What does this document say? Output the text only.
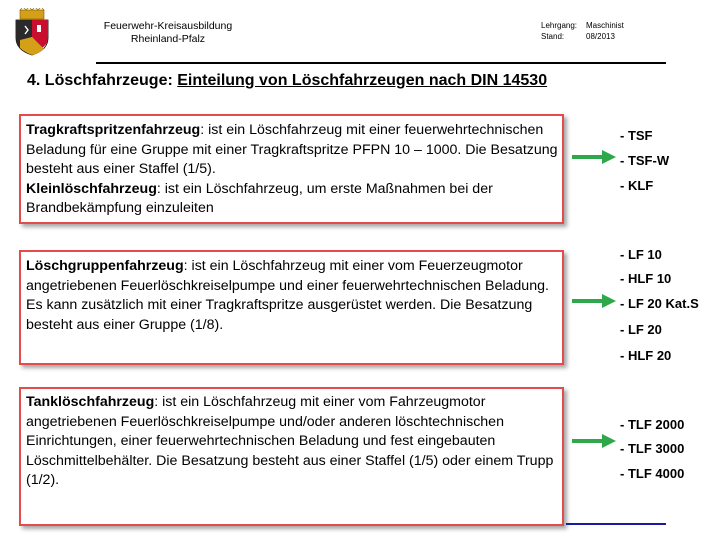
Feuerwehr-Kreisausbildung
Rheinland-Pfalz
Lehrgang: Maschinist
Stand:	08/2013
4. Löschfahrzeuge: Einteilung von Löschfahrzeugen nach DIN 14530
Tragkraftspritzenfahrzeug: ist ein Löschfahrzeug mit einer feuerwehrtechnischen Beladung für eine Gruppe mit einer Tragkraftspritze PFPN 10 – 1000. Die Besatzung besteht aus einer Staffel (1/5).
Kleinlöschfahrzeug: ist ein Löschfahrzeug, um erste Maßnahmen bei der Brandbekämpfung einzuleiten
Löschgruppenfahrzeug: ist ein Löschfahrzeug mit einer vom Feuerzeugmotor angetriebenen Feuerlöschkreiselpumpe und einer feuerwehrtechnischen Beladung. Es kann zusätzlich mit einer Tragkraftspritze ausgerüstet werden. Die Besatzung besteht aus einer Gruppe (1/8).
Tanklöschfahrzeug: ist ein Löschfahrzeug mit einer vom Fahrzeugmotor angetriebenen Feuerlöschkreiselpumpe und/oder anderen löschtechnischen Einrichtungen, einer feuerwehrtechnischen Beladung und fest eingebauten Löschmittelbehälter. Die Besatzung besteht aus einer Staffel (1/5) oder einem Trupp (1/2).
- TSF
- TSF-W
- KLF
- LF 10
- HLF 10
- LF 20 Kat.S
- LF 20
- HLF 20
- TLF 2000
- TLF 3000
- TLF 4000
